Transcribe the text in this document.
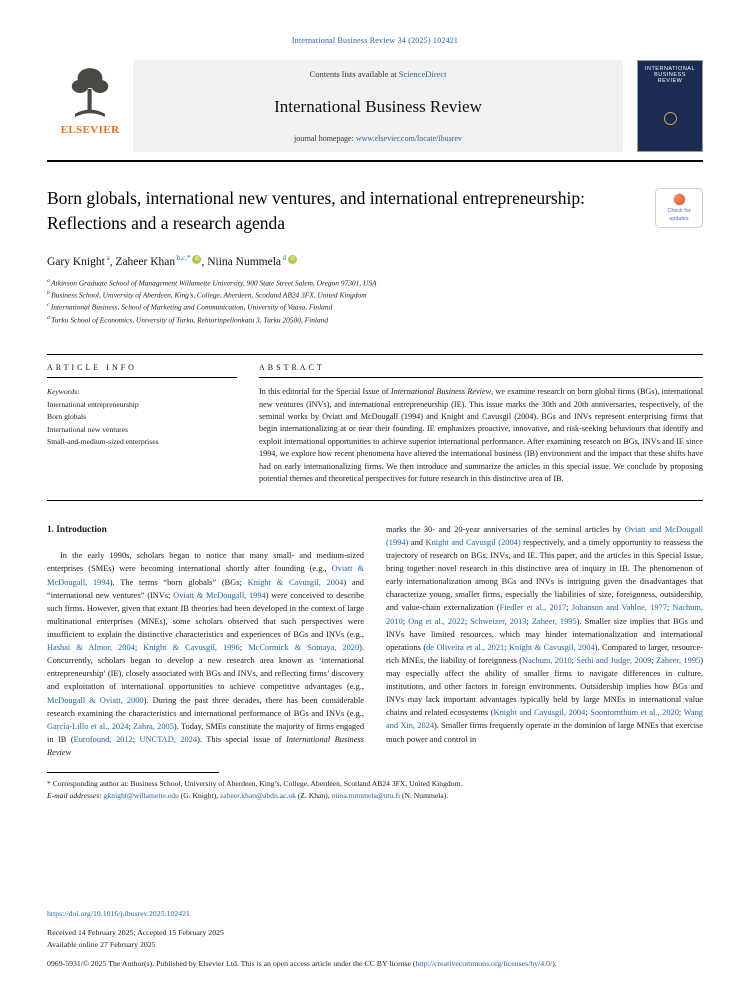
International Business Review 34 (2025) 102421
ELSEVIER
Contents lists available at ScienceDirect
International Business Review
journal homepage: www.elsevier.com/locate/ibusrev
INTERNATIONAL BUSINESS REVIEW
Born globals, international new ventures, and international entrepreneurship: Reflections and a research agenda
Check for updates
Gary Knight $^a$, Zaheer Khan $^{b,c,*}$ iD , Niina Nummela $^d$ iD
$^a$ Atkinson Graduate School of Management Willamette University, 900 State Street Salem, Oregon 97301, USA
$^b$ Business School, University of Aberdeen, King’s, College, Aberdeen, Scotland AB24 3FX, United Kingdom
$^c$ International Business, School of Marketing and Communication, University of Vaasa, Finland
$^d$ Turku School of Economics, University of Turku, Rehtorinpellonkatu 3, Turku 20500, Finland
ARTICLE INFO
Keywords:
International entrepreneurship
Born globals
International new ventures
Small-and-medium-sized enterprises
ABSTRACT
In this editorial for the Special Issue of International Business Review, we examine research on born global firms (BGs), international new ventures (INVs), and international entrepreneurship (IE). This issue marks the 30th and 20th anniversaries, respectively, of the seminal works by Oviatt and McDougall (1994) and Knight and Cavusgil (2004). BGs and INVs represent enterprising firms that begin internationalizing at or near their founding. IE emphasizes proactive, innovative, and risk-seeking behaviours that identify and exploit international opportunities to achieve superior international performance. After examining research on BGs, INVs and IE since 1994, we explore how recent phenomena have altered the international business (IB) environment and the impact that these shifts have had on early internationalizing firms. We then introduce and summarize the articles in this special issue. We conclude by proposing potential themes and theoretical perspectives for future research in this distinctive area of IB.
1. Introduction

In the early 1990s, scholars began to notice that many small- and medium-sized enterprises (SMEs) were becoming international shortly after founding (e.g., Oviatt & McDougall, 1994). The terms “born globals” (BGs; Knight & Cavusgil, 2004) and “international new ventures” (INVs; Oviatt & McDougall, 1994) were conceived to describe such firms. However, given that extant IB theories had been developed in the context of large multinational enterprises (MNEs), some scholars observed that such perspectives were insufficient to explain the distinctive characteristics and experiences of BGs and INVs (e.g., Hashai & Almor, 2004; Knight & Cavusgil, 1996; McCormick & Somaya, 2020). Concurrently, scholars began to develop a new research area known as ‘international entrepreneurship’ (IE), closely associated with BGs and INVs, and reflecting firms’ discovery and exploitation of international opportunities to achieve competitive advantages (e.g., McDougall & Oviatt, 2000). During the past three decades, there has been considerable research examining the characteristics and international performance of BGs and INVs (e.g., García-Lillo et al., 2024; Zahra, 2005). Today, SMEs constitute the majority of firms engaged in IB (Eurofound, 2012; UNCTAD, 2024). This special issue of International Business Review

marks the 30- and 20-year anniversaries of the seminal articles by Oviatt and McDougall (1994) and Knight and Cavusgil (2004) respectively, and a timely opportunity to reassess the trajectory of research on BGs, INVs, and IE. This paper, and the articles in this Special Issue, bring together novel research in this distinctive area of inquiry in IB. The phenomenon of early internationalization among BGs and INVs is intriguing given the disadvantages that characterize young, smaller firms, especially the liabilities of size, foreignness, outsidership, and value-chain externalization (Fiedler et al., 2017; Johanson and Vahlne, 1977; Nachum, 2010; Ong et al., 2022; Schweizer, 2013; Zaheer, 1995). Smaller size implies that BGs and INVs have limited resources, which may hinder internationalization and international operations (de Oliveira et al., 2021; Knight & Cavusgil, 2004). Compared to larger, resource-rich MNEs, the liability of foreignness (Nachum, 2010; Sethi and Judge, 2009; Zaheer, 1995) may especially affect the ability of smaller firms to navigate differences in culture, institutions, and other factors in foreign environments. Outsidership implies how BGs and INVs may lack important advantages typically held by large MNEs in international value chains and related ecosystems (Knight and Cavusgil, 2004; Soontornthum et al., 2020; Wang and Xin, 2024). Smaller firms frequently operate in the dominion of large MNEs that exercise much power and control in

* Corresponding author at: Business School, University of Aberdeen, King’s, College, Aberdeen, Scotland AB24 3FX, United Kingdom.
E-mail addresses: gknight@willamette.edu (G. Knight), zaheer.khan@abdn.ac.uk (Z. Khan), niina.nummela@utu.fi (N. Nummela).
https://doi.org/10.1016/j.ibusrev.2025.102421
Received 14 February 2025; Accepted 15 February 2025
Available online 27 February 2025
0969-5931/© 2025 The Author(s). Published by Elsevier Ltd. This is an open access article under the CC BY license (http://creativecommons.org/licenses/by/4.0/).
